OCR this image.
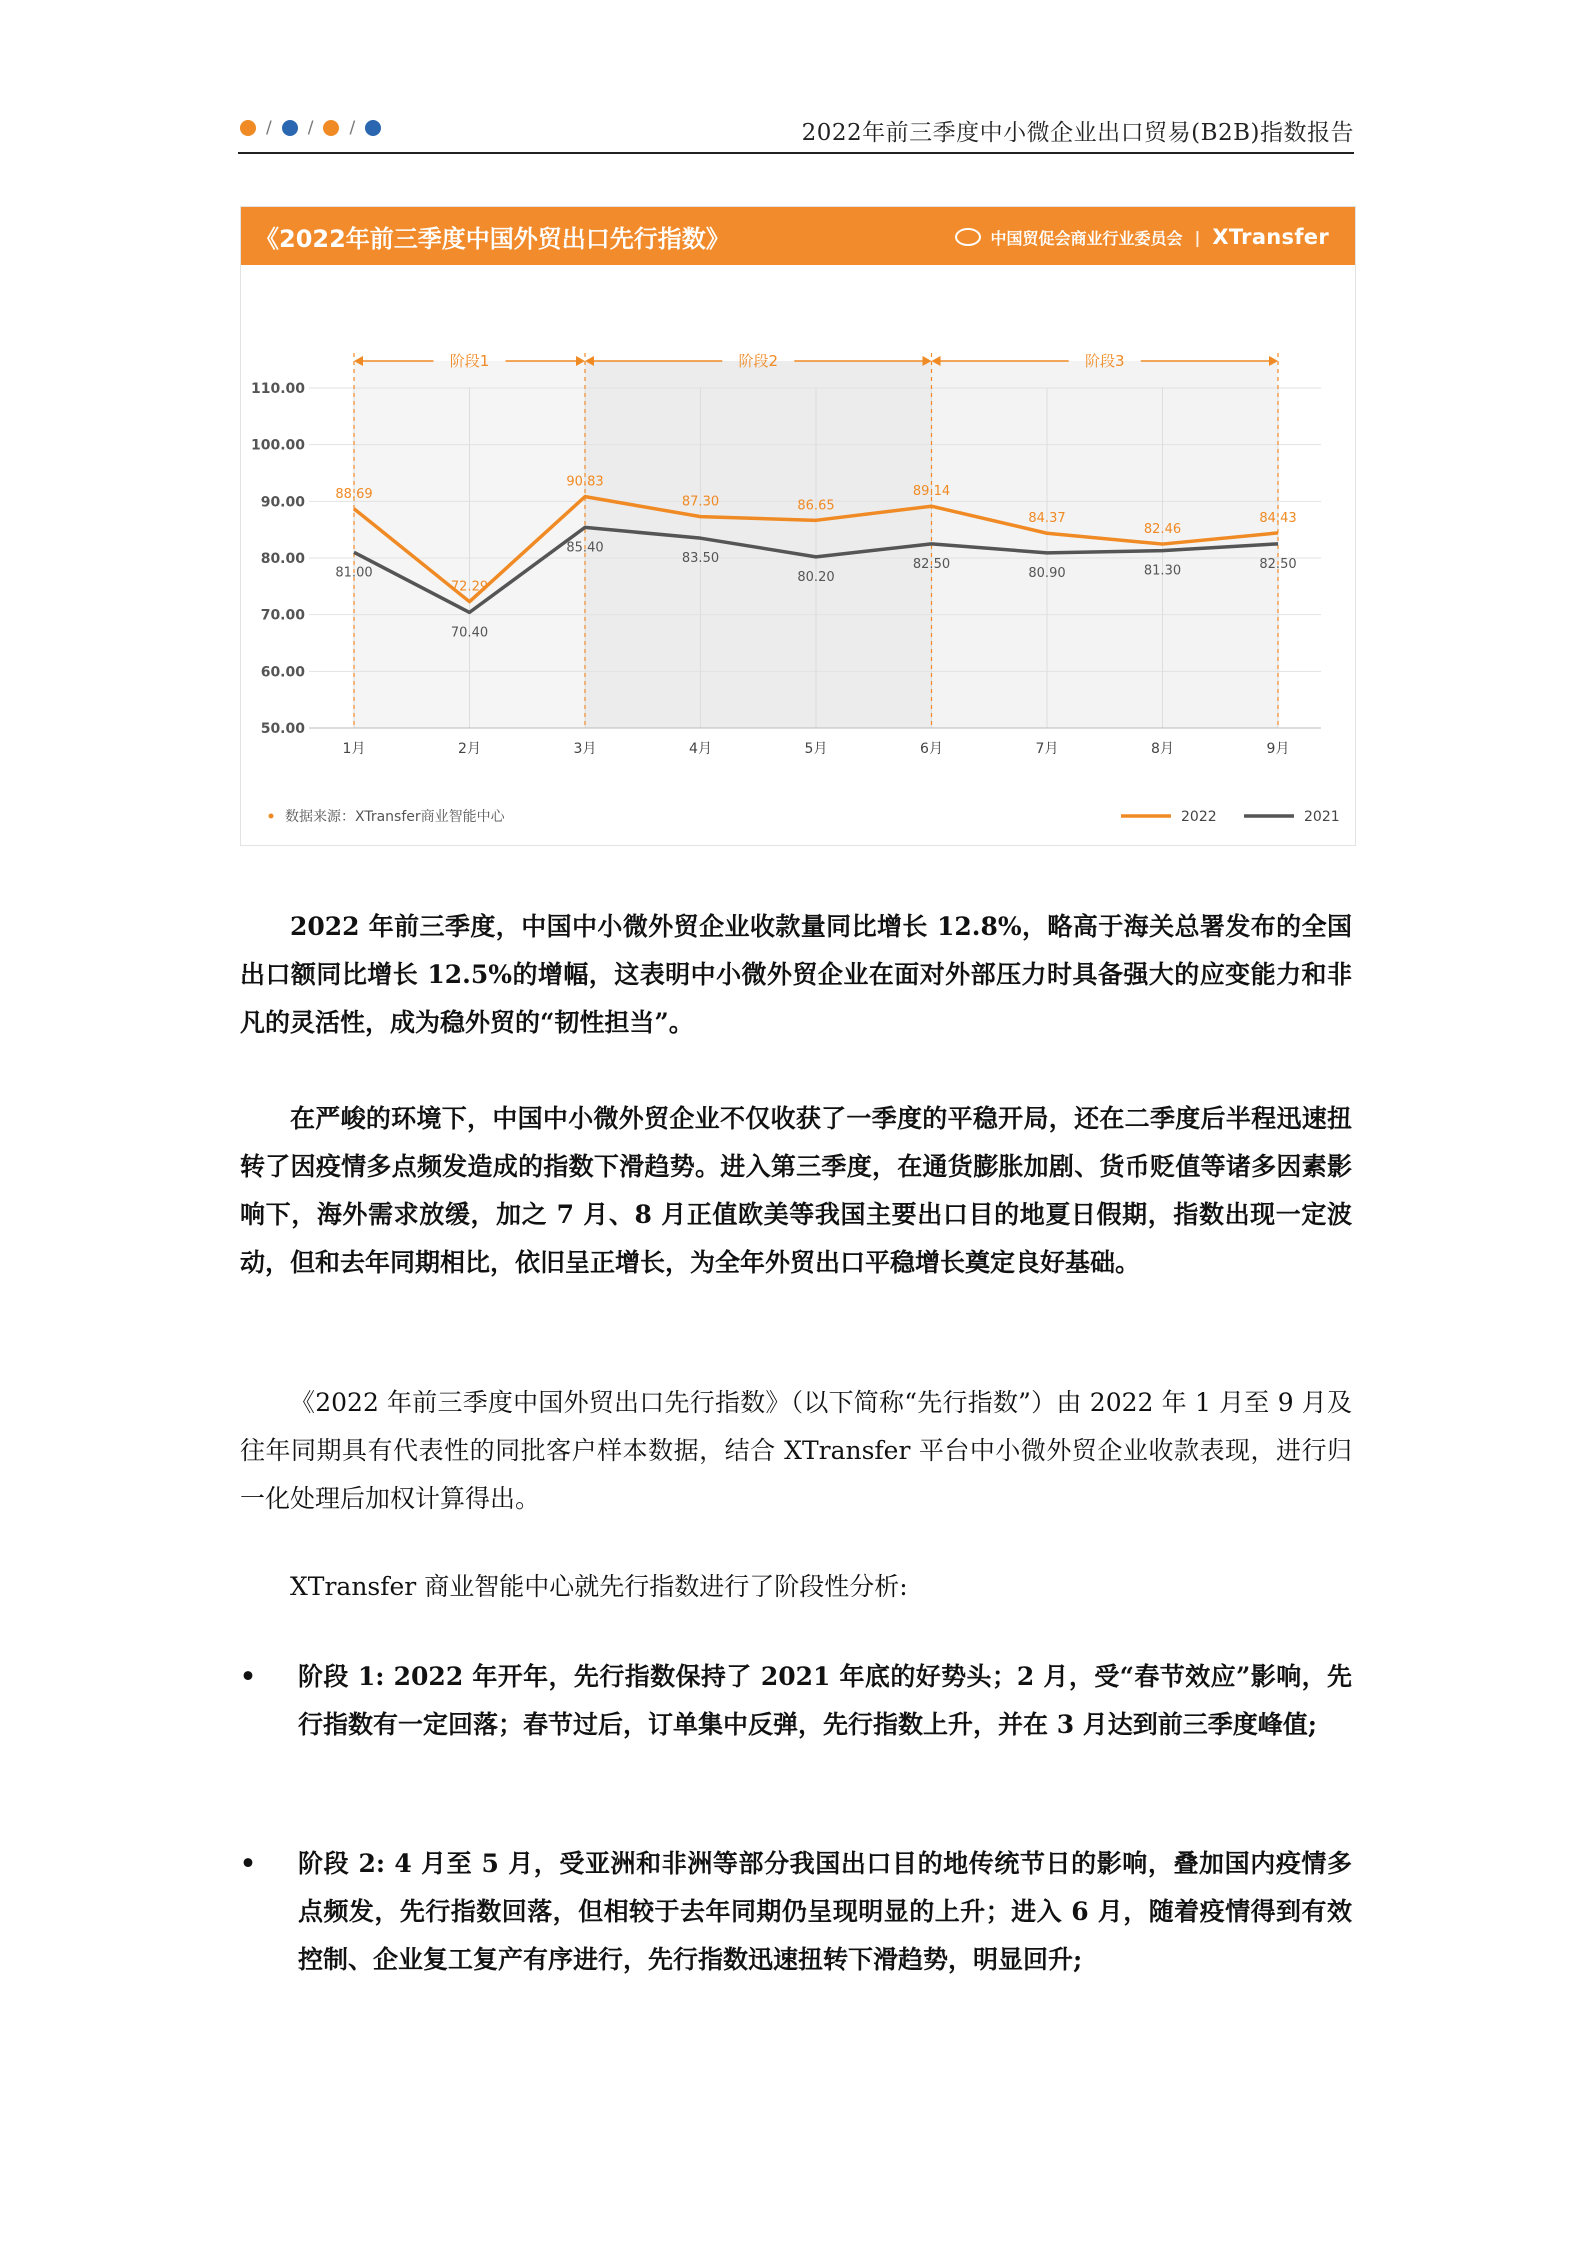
/ / /	2022年前三季度中小微企业出口贸易(B2B)指数报告
《2022年前三季度中国外贸出口先行指数》	中国贸促会商业行业委员会 | XTransfer
阶段1	阶段2	阶段3
110.00
100.00
90.00
80.00
70.00
60.00
50.00
1月	2月	3月	4月	5月	6月	7月	8月	9月
88.69
72.29
90.83
87.30	86.65
89.14
84.37
82.46
84.43
81.00
70.40
85.40
83.50
80.20
82.50
80.90	81.30	82.50
数据来源：XTransfer商业智能中心	2022	2021
2022 年前三季度，中国中小微外贸企业收款量同比增长 12.8%，略高于海关总署发布的全国出口额同比增长 12.5%的增幅，这表明中小微外贸企业在面对外部压力时具备强大的应变能力和非凡的灵活性，成为稳外贸的“韧性担当”。
在严峻的环境下，中国中小微外贸企业不仅收获了一季度的平稳开局，还在二季度后半程迅速扭转了因疫情多点频发造成的指数下滑趋势。进入第三季度，在通货膨胀加剧、货币贬值等诸多因素影响下，海外需求放缓，加之 7 月、8 月正值欧美等我国主要出口目的地夏日假期，指数出现一定波动，但和去年同期相比，依旧呈正增长，为全年外贸出口平稳增长奠定良好基础。
《2022 年前三季度中国外贸出口先行指数》（以下简称“先行指数”）由 2022 年 1 月至 9 月及往年同期具有代表性的同批客户样本数据，结合 XTransfer 平台中小微外贸企业收款表现，进行归一化处理后加权计算得出。
XTransfer 商业智能中心就先行指数进行了阶段性分析:
• 阶段 1: 2022 年开年，先行指数保持了 2021 年底的好势头；2 月，受“春节效应”影响，先行指数有一定回落；春节过后，订单集中反弹，先行指数上升，并在 3 月达到前三季度峰值;
• 阶段 2: 4 月至 5 月，受亚洲和非洲等部分我国出口目的地传统节日的影响，叠加国内疫情多点频发，先行指数回落，但相较于去年同期仍呈现明显的上升；进入 6 月，随着疫情得到有效控制、企业复工复产有序进行，先行指数迅速扭转下滑趋势，明显回升;
